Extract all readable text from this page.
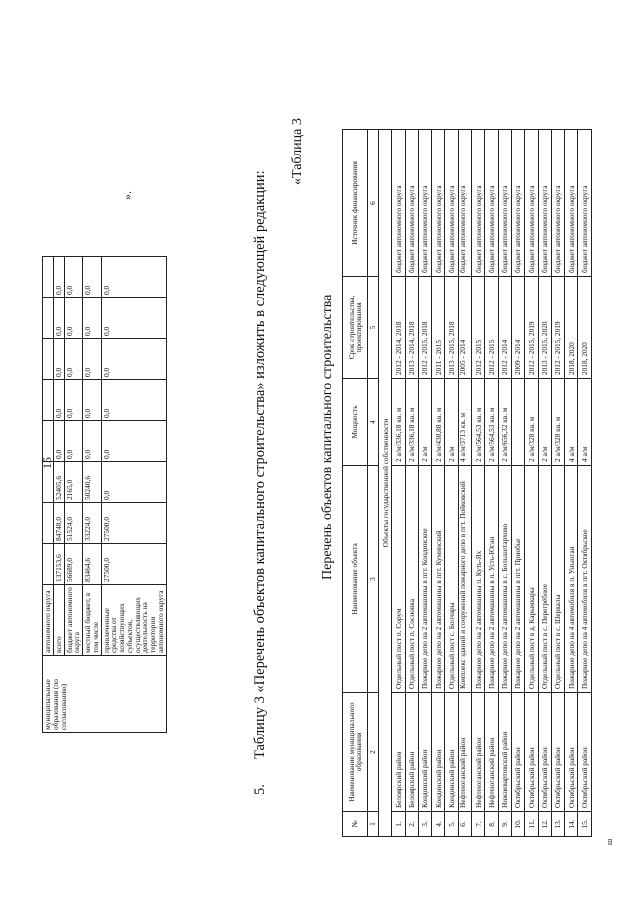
15
муниципальные образования (по согласованию)	автономного округа								
	всего	137153,6	84748,0	52405,6	0,0	0,0	0,0	0,0	0,0
	бюджет автономного округа	56689,0	51524,0	2165,0	0,0	0,0	0,0	0,0	0,0
	местный бюджет, в том числе	83464,6	33224,0	50240,6	0,0	0,0	0,0	0,0	0,0
	привлеченные средства от хозяйствующих субъектов, осуществляющих деятельность на территории автономного округа	27500,0	27500,0	0,0	0,0	0,0	0,0	0,0	0,0
».
5.Таблицу 3 «Перечень объектов капитального строительства» изложить в следующей редакции:
«Таблица 3
Перечень объектов капитального строительства
№	Наименование муниципального образования	Наименование объекта	Мощность	Срок строительства, проектирования	Источник финансирования
1	2	3	4	5	6
Объекты государственной собственности					
1.	Белоярский район	Отдельный пост п. Сорум	2 а/м/336,18 кв. м	2012 - 2014, 2018	бюджет автономного округа
2.	Белоярский район	Отдельный пост п. Сосновка	2 а/м/336,18 кв. м	2013 - 2014, 2018	бюджет автономного округа
3.	Кондинский район	Пожарное депо на 2 автомашины в пгт. Кондинское	2 а/м	2012 - 2015, 2018	бюджет автономного округа
4.	Кондинский район	Пожарное депо на 2 автомашины в пгт. Куминский	2 а/м/438,88 кв. м	2011 - 2015	бюджет автономного округа
5.	Кондинский район	Отдельный пост с. Болчары	2 а/м	2013 - 2015, 2018	бюджет автономного округа
6.	Нефтеюганский район	Комплекс зданий и сооружений пожарного депо в пгт. Пойковский	4 а/м/3713 кв. м	2005 - 2014	бюджет автономного округа
7.	Нефтеюганский район	Пожарное депо на 2 автомашины п. Куть-Ях	2 а/м/564,53 кв. м	2012 - 2015	бюджет автономного округа
8.	Нефтеюганский район	Пожарное депо на 2 автомашины в п. Усть-Юган	2 а/м/564,53 кв. м	2012 - 2015	бюджет автономного округа
9.	Нижневартовский район	Пожарное депо на 2 автомашины в с. Большетархово	2 а/м/656,32 кв. м	2012 - 2014	бюджет автономного округа
10.	Октябрьский район	Пожарное депо на 2 автомашины в пгт. Приобье		2009 - 2014	бюджет автономного округа
11.	Октябрьский район	Отдельный пост в д. Карымкары	2 а/м/328 кв. м	2012 - 2015, 2019	бюджет автономного округа
12.	Октябрьский район	Отдельный пост в с. Перегрёбное	2 а/м	2013 - 2015, 2020	бюджет автономного округа
13.	Октябрьский район	Отдельный пост в с. Шеркалы	2 а/м/328 кв. м	2012 - 2015, 2019	бюджет автономного округа
14.	Октябрьский район	Пожарное депо на 4 автомобиля в п. Унъюган	4 а/м	2018, 2020	бюджет автономного округа
15.	Октябрьский район	Пожарное депо на 4 автомобиля в пгт. Октябрьское	4 а/м	2018, 2020	бюджет автономного округа
ш
